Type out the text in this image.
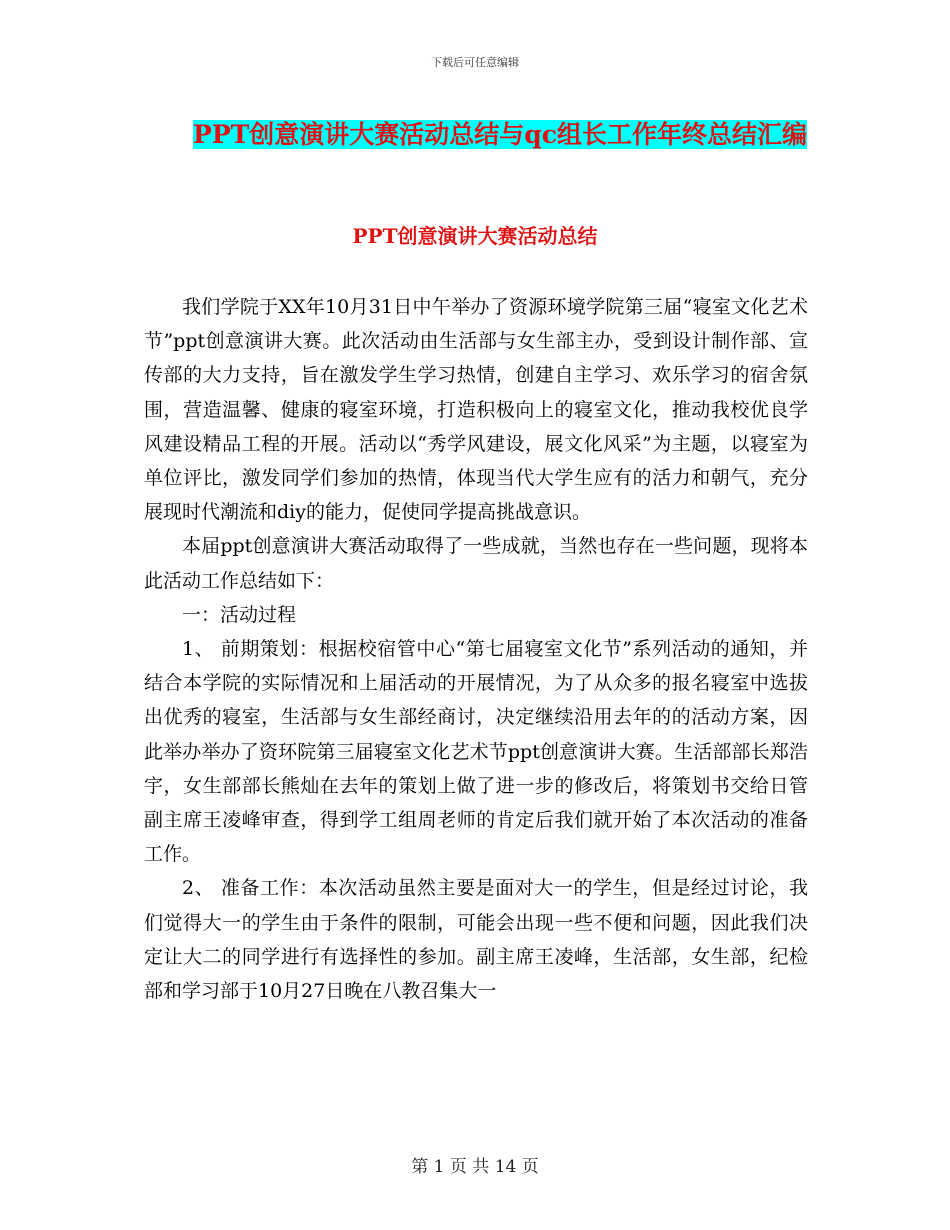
下载后可任意编辑
PPT创意演讲大赛活动总结与qc组长工作年终总结汇编
PPT创意演讲大赛活动总结

我们学院于XX年10月31日中午举办了资源环境学院第三届“寝室文化艺术节”ppt创意演讲大赛。此次活动由生活部与女生部主办，受到设计制作部、宣传部的大力支持，旨在激发学生学习热情，创建自主学习、欢乐学习的宿舍氛围，营造温馨、健康的寝室环境，打造积极向上的寝室文化，推动我校优良学风建设精品工程的开展。活动以“秀学风建设，展文化风采”为主题，以寝室为单位评比，激发同学们参加的热情，体现当代大学生应有的活力和朝气，充分展现时代潮流和diy的能力，促使同学提高挑战意识。

本届ppt创意演讲大赛活动取得了一些成就，当然也存在一些问题，现将本此活动工作总结如下：

一：活动过程

1、 前期策划：根据校宿管中心“第七届寝室文化节”系列活动的通知，并结合本学院的实际情况和上届活动的开展情况，为了从众多的报名寝室中选拔出优秀的寝室，生活部与女生部经商讨，决定继续沿用去年的的活动方案，因此举办举办了资环院第三届寝室文化艺术节ppt创意演讲大赛。生活部部长郑浩宇，女生部部长熊灿在去年的策划上做了进一步的修改后，将策划书交给日管副主席王凌峰审查，得到学工组周老师的肯定后我们就开始了本次活动的准备工作。

2、 准备工作：本次活动虽然主要是面对大一的学生，但是经过讨论，我们觉得大一的学生由于条件的限制，可能会出现一些不便和问题，因此我们决定让大二的同学进行有选择性的参加。副主席王凌峰，生活部，女生部，纪检部和学习部于10月27日晚在八教召集大一

第 1 页 共 14 页
